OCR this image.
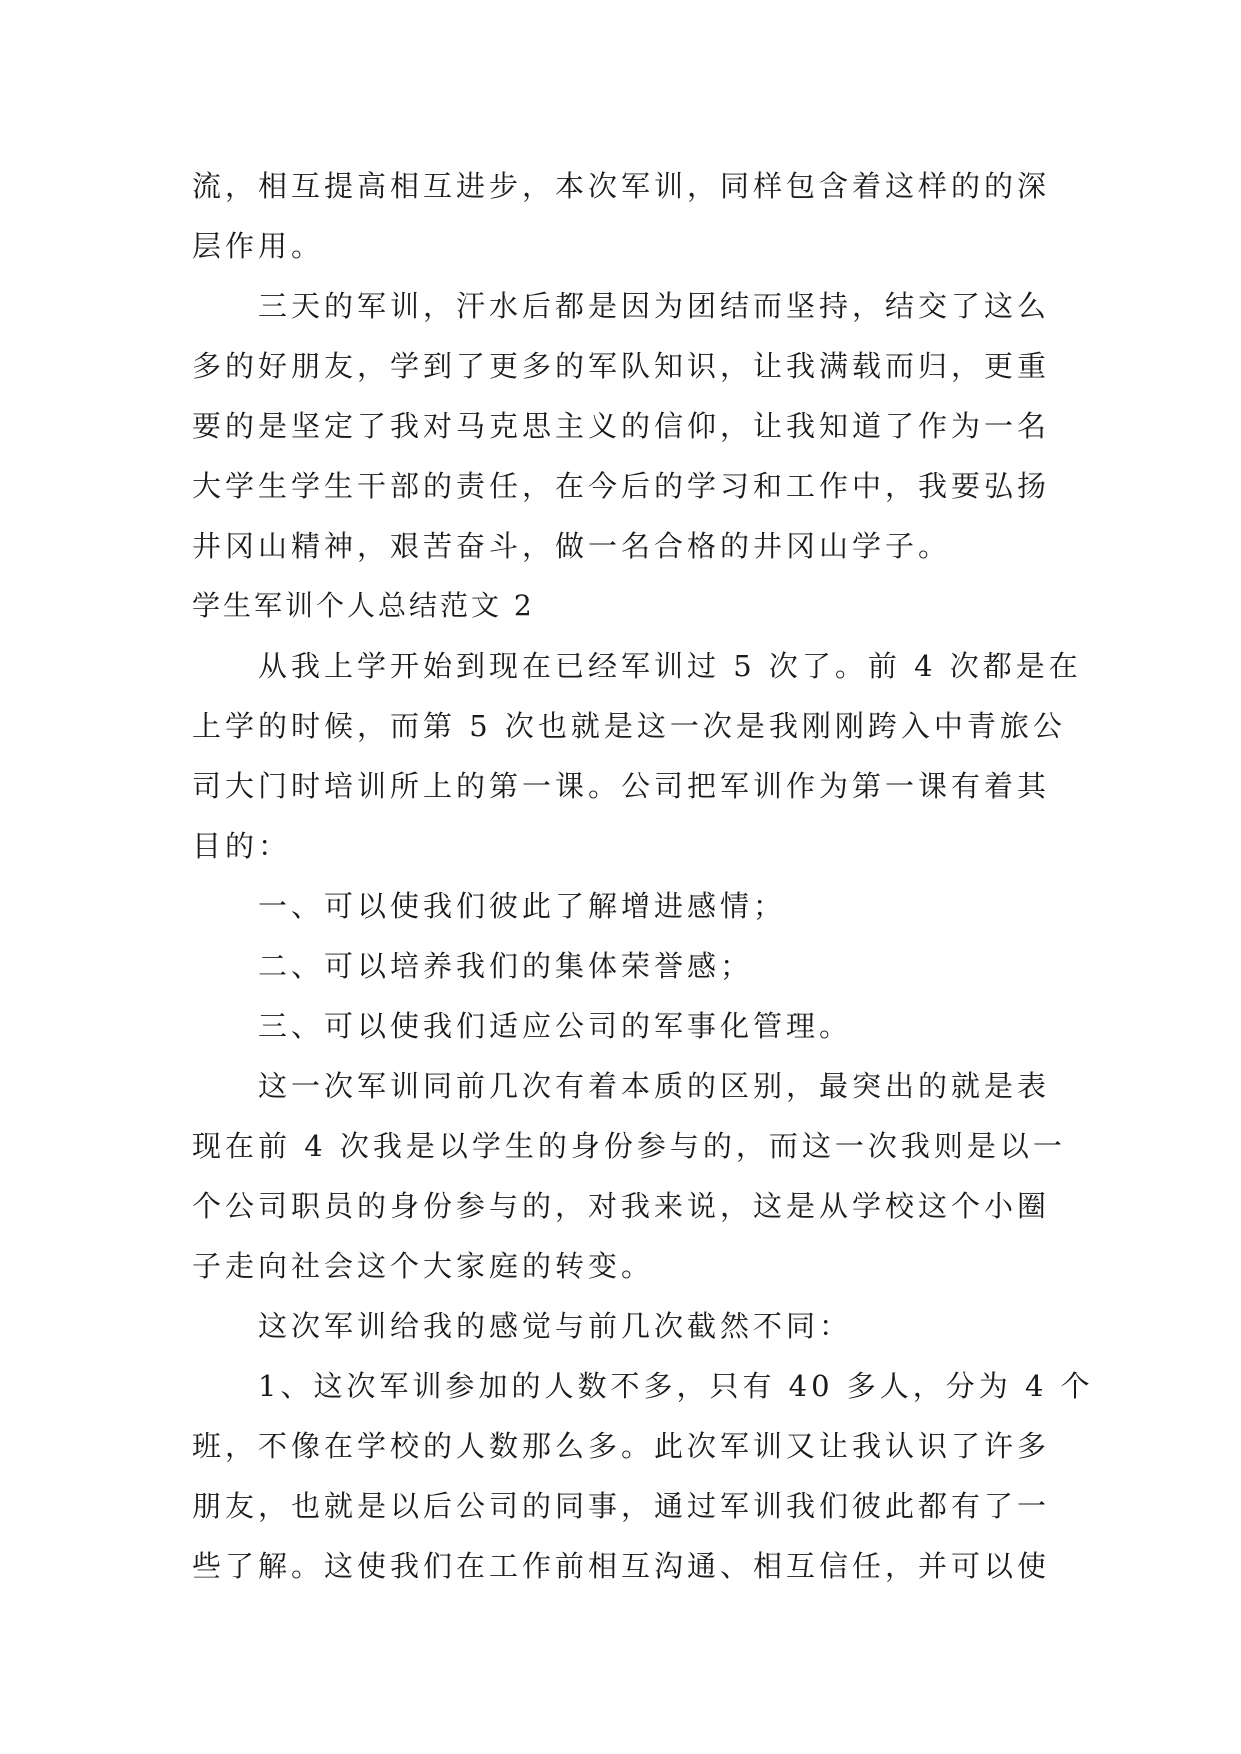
流，相互提高相互进步，本次军训，同样包含着这样的的深
层作用。

三天的军训，汗水后都是因为团结而坚持，结交了这么
多的好朋友，学到了更多的军队知识，让我满载而归，更重
要的是坚定了我对马克思主义的信仰，让我知道了作为一名
大学生学生干部的责任，在今后的学习和工作中，我要弘扬
井冈山精神，艰苦奋斗，做一名合格的井冈山学子。

学生军训个人总结范文 2

从我上学开始到现在已经军训过 5 次了。前 4 次都是在
上学的时候，而第 5 次也就是这一次是我刚刚跨入中青旅公
司大门时培训所上的第一课。公司把军训作为第一课有着其
目的：

一、可以使我们彼此了解增进感情；

二、可以培养我们的集体荣誉感；

三、可以使我们适应公司的军事化管理。

这一次军训同前几次有着本质的区别，最突出的就是表
现在前 4 次我是以学生的身份参与的，而这一次我则是以一
个公司职员的身份参与的，对我来说，这是从学校这个小圈
子走向社会这个大家庭的转变。

这次军训给我的感觉与前几次截然不同：

1、这次军训参加的人数不多，只有 40 多人，分为 4 个
班，不像在学校的人数那么多。此次军训又让我认识了许多
朋友，也就是以后公司的同事，通过军训我们彼此都有了一
些了解。这使我们在工作前相互沟通、相互信任，并可以使
